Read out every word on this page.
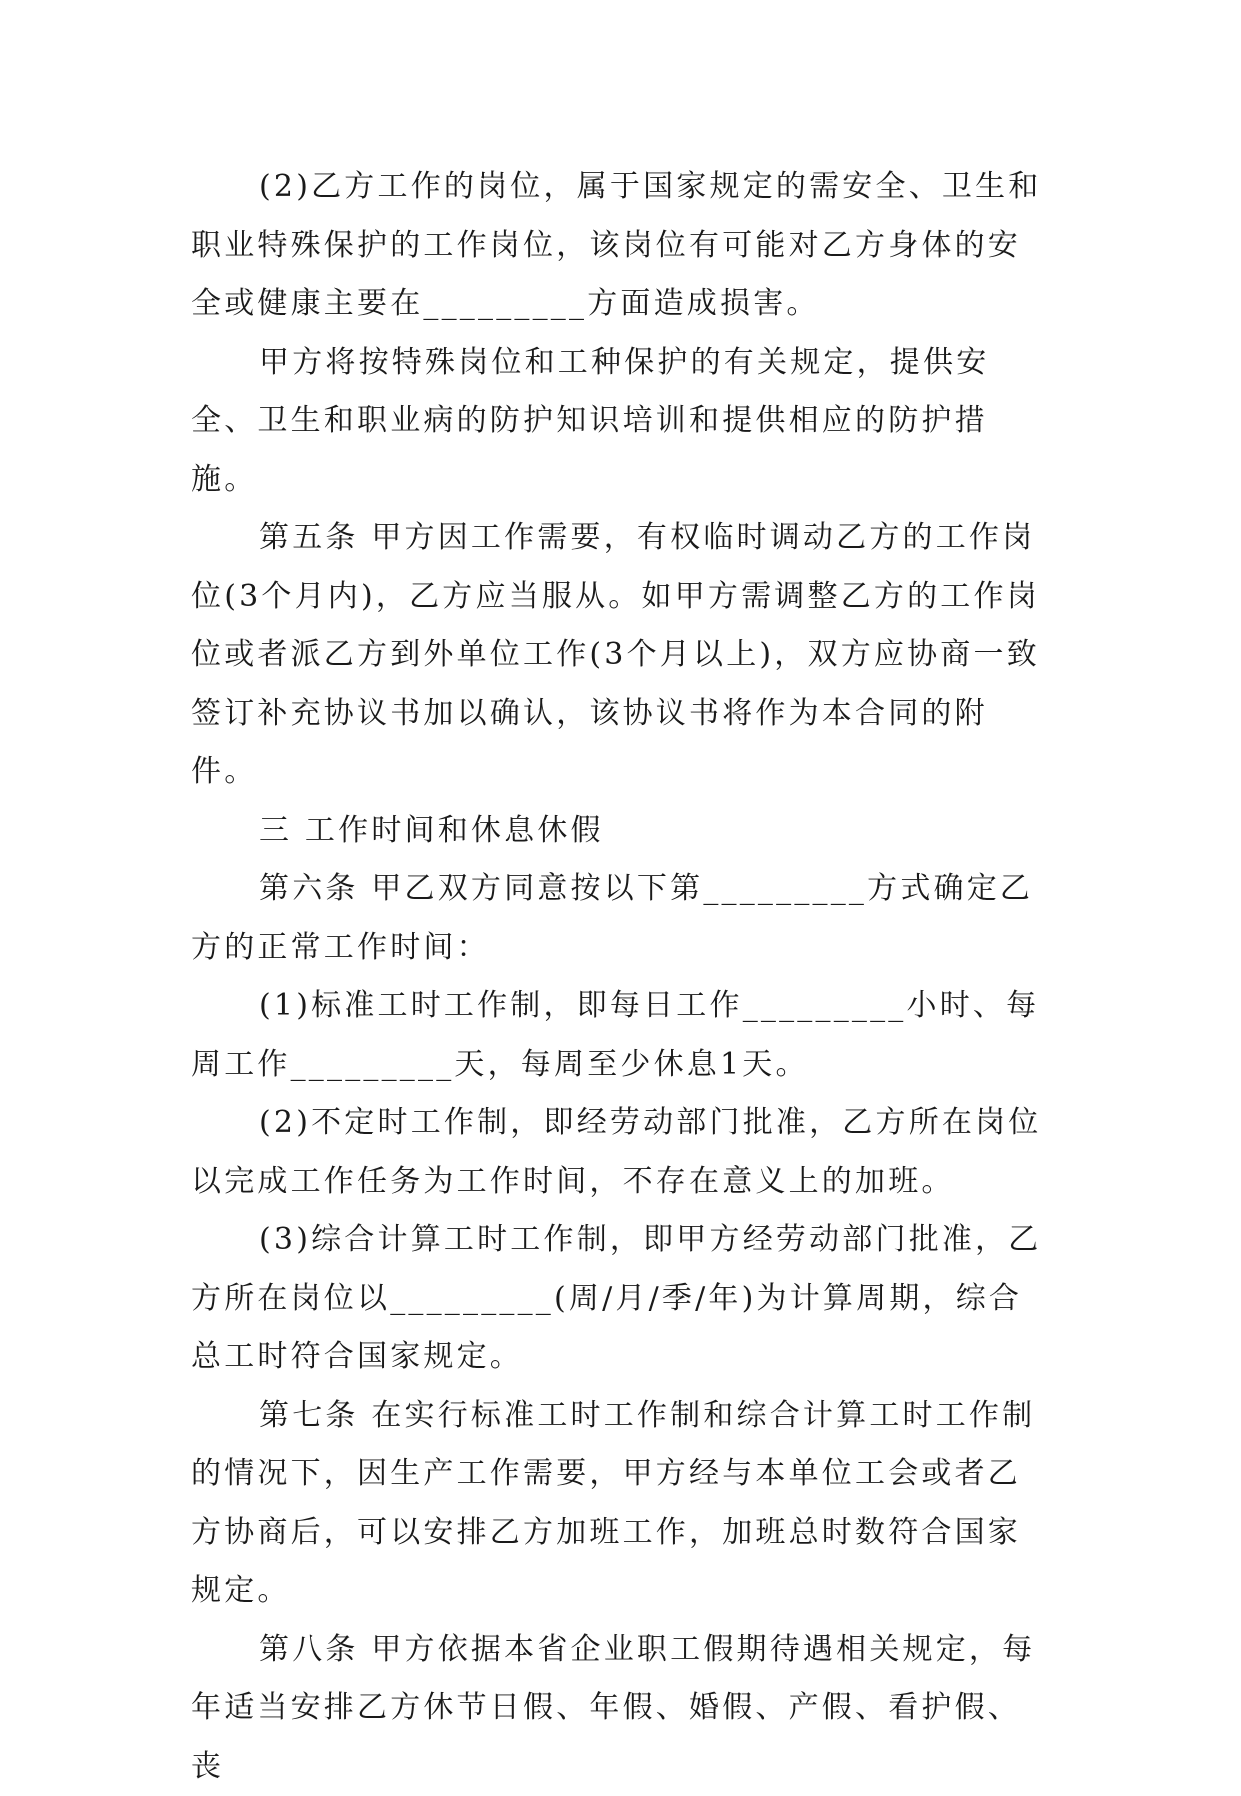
(2)乙方工作的岗位，属于国家规定的需安全、卫生和职业特殊保护的工作岗位，该岗位有可能对乙方身体的安全或健康主要在_________方面造成损害。

甲方将按特殊岗位和工种保护的有关规定，提供安全、卫生和职业病的防护知识培训和提供相应的防护措施。

第五条 甲方因工作需要，有权临时调动乙方的工作岗位(3个月内)，乙方应当服从。如甲方需调整乙方的工作岗位或者派乙方到外单位工作(3个月以上)，双方应协商一致签订补充协议书加以确认，该协议书将作为本合同的附件。

三 工作时间和休息休假

第六条 甲乙双方同意按以下第_________方式确定乙方的正常工作时间：

(1)标准工时工作制，即每日工作_________小时、每周工作_________天，每周至少休息1天。

(2)不定时工作制，即经劳动部门批准，乙方所在岗位以完成工作任务为工作时间，不存在意义上的加班。

(3)综合计算工时工作制，即甲方经劳动部门批准，乙方所在岗位以_________(周/月/季/年)为计算周期，综合总工时符合国家规定。

第七条 在实行标准工时工作制和综合计算工时工作制的情况下，因生产工作需要，甲方经与本单位工会或者乙方协商后，可以安排乙方加班工作，加班总时数符合国家规定。

第八条 甲方依据本省企业职工假期待遇相关规定，每年适当安排乙方休节日假、年假、婚假、产假、看护假、丧
